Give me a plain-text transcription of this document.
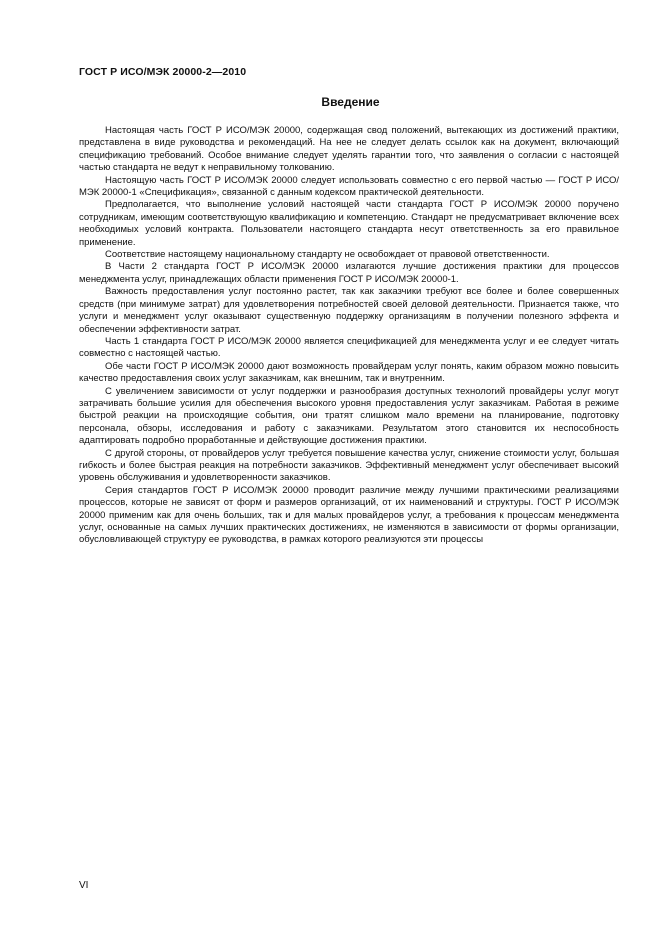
ГОСТ Р ИСО/МЭК 20000-2—2010
Введение

Настоящая часть ГОСТ Р ИСО/МЭК 20000, содержащая свод положений, вытекающих из достижений практики, представлена в виде руководства и рекомендаций. На нее не следует делать ссылок как на документ, включающий спецификацию требований. Особое внимание следует уделять гарантии того, что заявления о согласии с настоящей частью стандарта не ведут к неправильному толкованию.

Настоящую часть ГОСТ Р ИСО/МЭК 20000 следует использовать совместно с его первой частью — ГОСТ Р ИСО/МЭК 20000-1 «Спецификация», связанной с данным кодексом практической деятельности.

Предполагается, что выполнение условий настоящей части стандарта ГОСТ Р ИСО/МЭК 20000 поручено сотрудникам, имеющим соответствующую квалификацию и компетенцию. Стандарт не предусматривает включение всех необходимых условий контракта. Пользователи настоящего стандарта несут ответственность за его правильное применение.

Соответствие настоящему национальному стандарту не освобождает от правовой ответственности.

В Части 2 стандарта ГОСТ Р ИСО/МЭК 20000 излагаются лучшие достижения практики для процессов менеджмента услуг, принадлежащих области применения ГОСТ Р ИСО/МЭК 20000-1.

Важность предоставления услуг постоянно растет, так как заказчики требуют все более и более совершенных средств (при минимуме затрат) для удовлетворения потребностей своей деловой деятельности. Признается также, что услуги и менеджмент услуг оказывают существенную поддержку организациям в получении полезного эффекта и обеспечении эффективности затрат.

Часть 1 стандарта ГОСТ Р ИСО/МЭК 20000 является спецификацией для менеджмента услуг и ее следует читать совместно с настоящей частью.

Обе части ГОСТ Р ИСО/МЭК 20000 дают возможность провайдерам услуг понять, каким образом можно повысить качество предоставления своих услуг заказчикам, как внешним, так и внутренним.

С увеличением зависимости от услуг поддержки и разнообразия доступных технологий провайдеры услуг могут затрачивать большие усилия для обеспечения высокого уровня предоставления услуг заказчикам. Работая в режиме быстрой реакции на происходящие события, они тратят слишком мало времени на планирование, подготовку персонала, обзоры, исследования и работу с заказчиками. Результатом этого становится их неспособность адаптировать подробно проработанные и действующие достижения практики.

С другой стороны, от провайдеров услуг требуется повышение качества услуг, снижение стоимости услуг, большая гибкость и более быстрая реакция на потребности заказчиков. Эффективный менеджмент услуг обеспечивает высокий уровень обслуживания и удовлетворенности заказчиков.

Серия стандартов ГОСТ Р ИСО/МЭК 20000 проводит различие между лучшими практическими реализациями процессов, которые не зависят от форм и размеров организаций, от их наименований и структуры. ГОСТ Р ИСО/МЭК 20000 применим как для очень больших, так и для малых провайдеров услуг, а требования к процессам менеджмента услуг, основанные на самых лучших практических достижениях, не изменяются в зависимости от формы организации, обусловливающей структуру ее руководства, в рамках которого реализуются эти процессы

VI
